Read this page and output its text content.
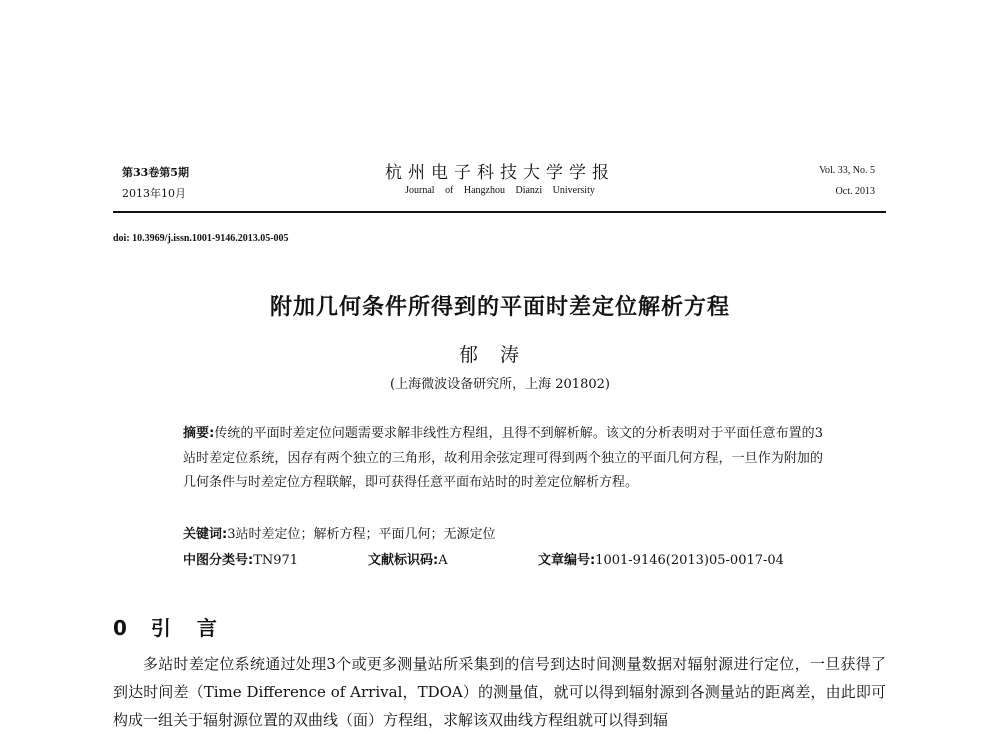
第33卷第5期
2013年10月
杭州电子科技大学学报
Journal of Hangzhou Dianzi University
Vol. 33, No. 5
Oct. 2013
doi: 10.3969/j.issn.1001-9146.2013.05-005
附加几何条件所得到的平面时差定位解析方程
郁涛
(上海微波设备研究所，上海 201802)
摘要:传统的平面时差定位问题需要求解非线性方程组，且得不到解析解。该文的分析表明对于平面任意布置的3站时差定位系统，因存有两个独立的三角形，故利用余弦定理可得到两个独立的平面几何方程，一旦作为附加的几何条件与时差定位方程联解，即可获得任意平面布站时的时差定位解析方程。
关键词:3站时差定位；解析方程；平面几何；无源定位
中图分类号:TN971	文献标识码:A	文章编号:1001-9146(2013)05-0017-04
0 引 言
多站时差定位系统通过处理3个或更多测量站所采集到的信号到达时间测量数据对辐射源进行定位，一旦获得了到达时间差（Time Difference of Arrival，TDOA）的测量值，就可以得到辐射源到各测量站的距离差，由此即可构成一组关于辐射源位置的双曲线（面）方程组，求解该双曲线方程组就可以得到辐
